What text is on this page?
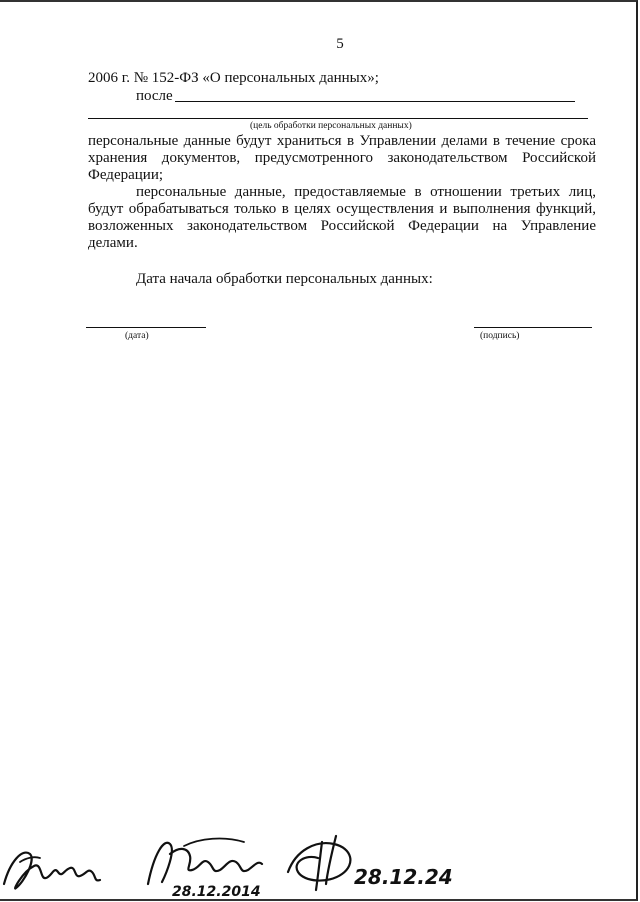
5
2006 г. № 152-ФЗ «О персональных данных»;
после
(цель обработки персональных данных)

персональные данные будут храниться в Управлении делами в течение срока хранения документов, предусмотренного законодательством Российской Федерации;

персональные данные, предоставляемые в отношении третьих лиц, будут обрабатываться только в целях осуществления и выполнения функций, возложенных законодательством Российской Федерации на Управление делами.

Дата начала обработки персональных данных:
(дата)	(подпись)
28.12.2014
28.12.24
